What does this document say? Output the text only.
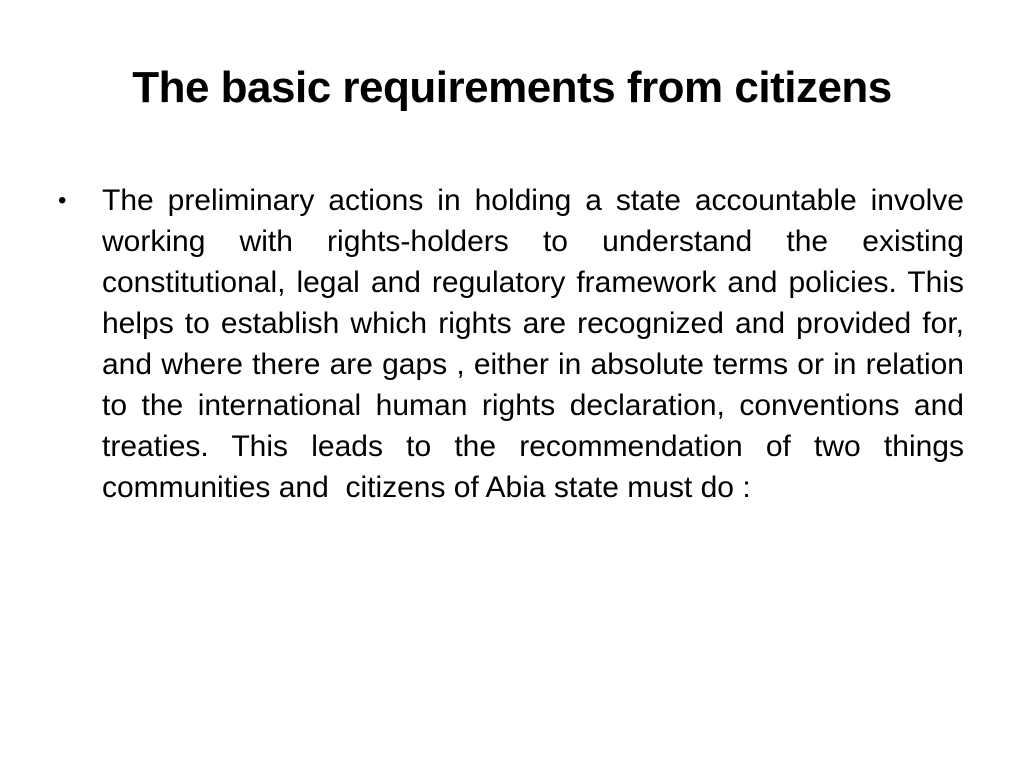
The basic requirements from citizens
•	The preliminary actions in holding a state accountable involve working with rights-holders to understand the existing constitutional, legal and regulatory framework and policies. This helps to establish which rights are recognized and provided for, and where there are gaps , either in absolute terms or in relation to the international human rights declaration, conventions and treaties. This leads to the recommendation of two things communities and  citizens of Abia state must do :
